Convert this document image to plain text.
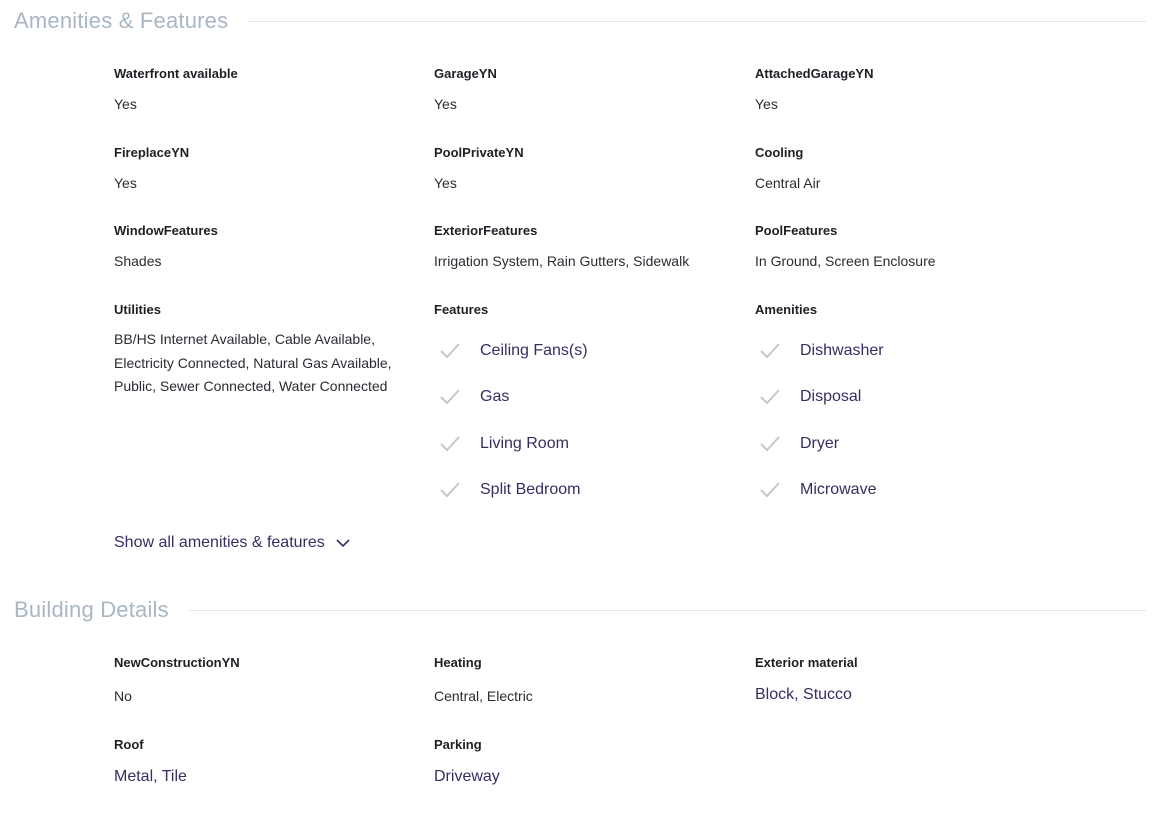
Amenities & Features
Waterfront available
Yes
GarageYN
Yes
AttachedGarageYN
Yes
FireplaceYN
Yes
PoolPrivateYN
Yes
Cooling
Central Air
WindowFeatures
Shades
ExteriorFeatures
Irrigation System, Rain Gutters, Sidewalk
PoolFeatures
In Ground, Screen Enclosure
Utilities
BB/HS Internet Available, Cable Available, Electricity Connected, Natural Gas Available, Public, Sewer Connected, Water Connected
Features
Ceiling Fans(s)
Gas
Living Room
Split Bedroom
Amenities
Dishwasher
Disposal
Dryer
Microwave
Show all amenities & features
Building Details
NewConstructionYN
No
Heating
Central, Electric
Exterior material
Block, Stucco
Roof
Metal, Tile
Parking
Driveway
